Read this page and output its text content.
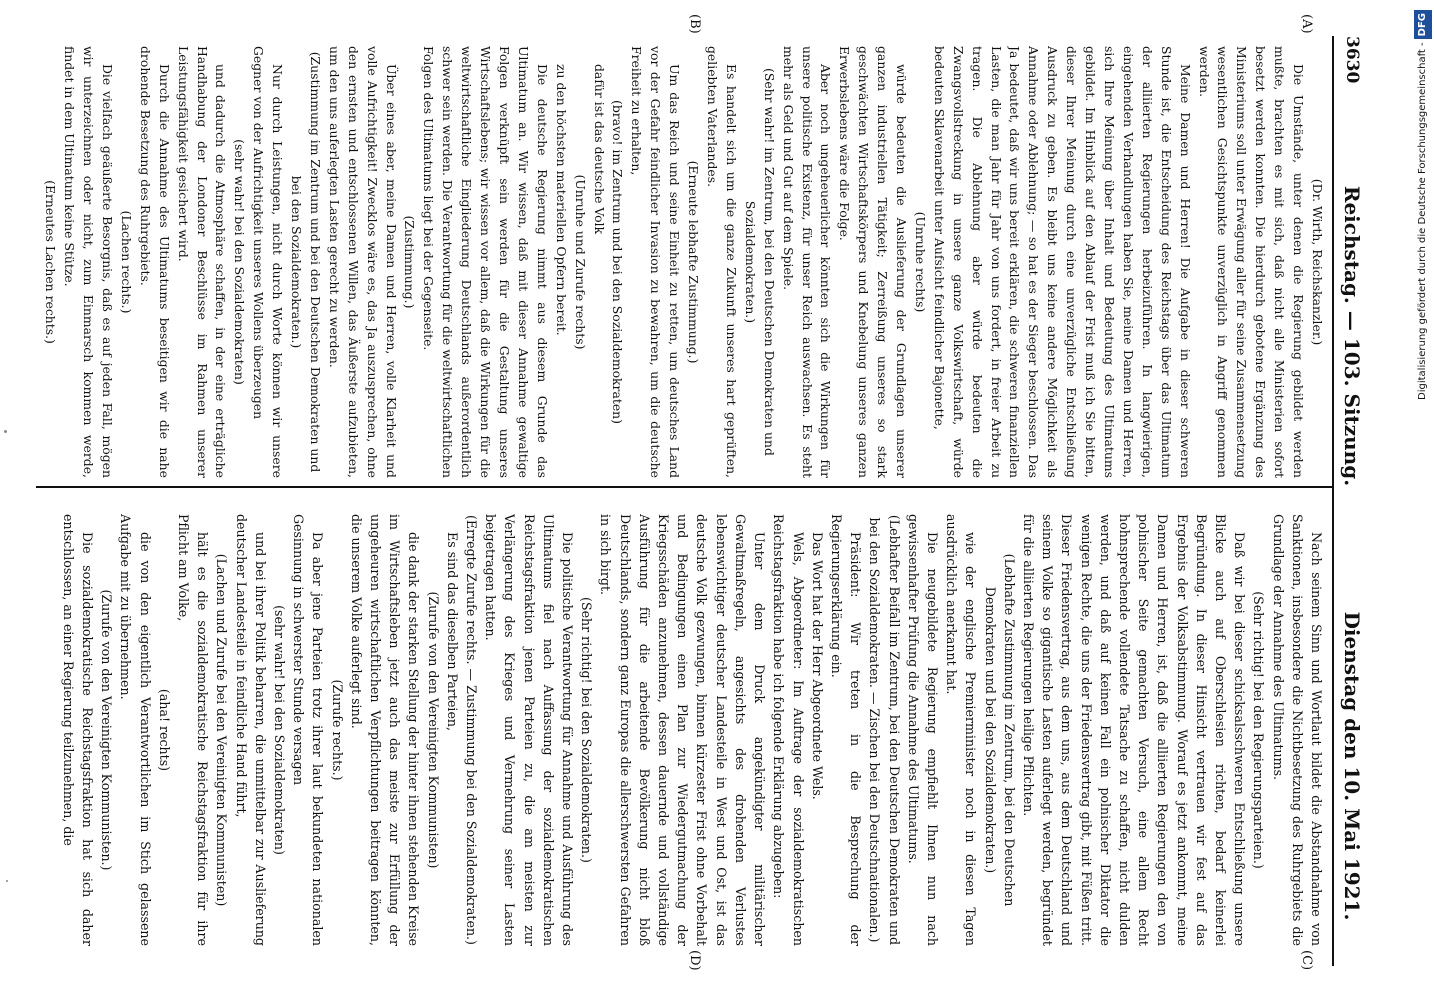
3630
Reichstag. — 103. Sitzung.
Dienstag den 10. Mai 1921.
(A)
(B)
(C)
(D)

(Dr. Wirth, Reichskanzler.)

Die Umstände, unter denen die Regierung gebildet werden mußte, brachten es mit sich, daß nicht alle Ministerien sofort besetzt werden konnten. Die hierdurch gebotene Ergänzung des Ministeriums soll unter Erwägung aller für seine Zusammensetzung wesentlichen Gesichtspunkte unverzüglich in Angriff genommen werden.

Meine Damen und Herren! Die Aufgabe in dieser schweren Stunde ist, die Entscheidung des Reichstags über das Ultimatum der alliierten Regierungen herbeizuführen. In langwierigen, eingehenden Verhandlungen haben Sie, meine Damen und Herren, sich Ihre Meinung über Inhalt und Bedeutung des Ultimatums gebildet. Im Hinblick auf den Ablauf der Frist muß ich Sie bitten, dieser Ihrer Meinung durch eine unverzügliche Entschließung Ausdruck zu geben. Es bleibt uns keine andere Möglichkeit als Annahme oder Ablehnung; — so hat es der Sieger beschlossen. Das Ja bedeutet, daß wir uns bereit erklären, die schweren finanziellen Lasten, die man Jahr für Jahr von uns fordert, in freier Arbeit zu tragen. Die Ablehnung aber würde bedeuten die Zwangsvollstreckung in unsere ganze Volkswirtschaft, würde bedeuten Sklavenarbeit unter Aufsicht feindlicher Bajonette,

(Unruhe rechts)

würde bedeuten die Auslieferung der Grundlagen unserer ganzen industriellen Tätigkeit; Zerreißung unseres so stark geschwächten Wirtschaftskörpers und Knebelung unseres ganzen Erwerbslebens wäre die Folge.

Aber noch ungeheuerlicher könnten sich die Wirkungen für unsere politische Existenz, für unser Reich auswachsen. Es steht mehr als Geld und Gut auf dem Spiele.

(Sehr wahr! im Zentrum, bei den Deutschen Demokraten und Sozialdemokraten.)

Es handelt sich um die ganze Zukunft unseres hart geprüften, geliebten Vaterlandes.

(Erneute lebhafte Zustimmung.)

Um das Reich und seine Einheit zu retten, um deutsches Land vor der Gefahr feindlicher Invasion zu bewahren, um die deutsche Freiheit zu erhalten,

(bravo! im Zentrum und bei den Sozialdemokraten)

dafür ist das deutsche Volk

(Unruhe und Zurufe rechts)

zu den höchsten materiellen Opfern bereit.

Die deutsche Regierung nimmt aus diesem Grunde das Ultimatum an. Wir wissen, daß mit dieser Annahme gewaltige Folgen verknüpft sein werden für die Gestaltung unseres Wirtschaftslebens; wir wissen vor allem, daß die Wirkungen für die weltwirtschaftliche Eingliederung Deutschlands außerordentlich schwer sein werden. Die Verantwortung für die weltwirtschaftlichen Folgen des Ultimatums liegt bei der Gegenseite.

(Zustimmung.)

Über eines aber, meine Damen und Herren, volle Klarheit und volle Aufrichtigkeit! Zwecklos wäre es, das Ja auszusprechen, ohne den ernsten und entschlossenen Willen, das Äußerste aufzubieten, um den uns auferlegten Lasten gerecht zu werden.

(Zustimmung im Zentrum und bei den Deutschen Demokraten und bei den Sozialdemokraten.)

Nur durch Leistungen, nicht durch Worte können wir unsere Gegner von der Aufrichtigkeit unseres Wollens überzeugen

(sehr wahr! bei den Sozialdemokraten)

und dadurch die Atmosphäre schaffen, in der eine erträgliche Handhabung der Londoner Beschlüsse im Rahmen unserer Leistungsfähigkeit gesichert wird.

Durch die Annahme des Ultimatums beseitigen wir die nahe drohende Besetzung des Ruhrgebiets.

(Lachen rechts.)

Die vielfach geäußerte Besorgnis, daß es auf jeden Fall, mögen wir unterzeichnen oder nicht, zum Einmarsch kommen werde, findet in dem Ultimatum keine Stütze.

(Erneutes Lachen rechts.)

Nach seinem Sinn und Wortlaut bildet die Abstandnahme von Sanktionen, insbesondere die Nichtbesetzung des Ruhrgebiets die Grundlage der Annahme des Ultimatums.

(Sehr richtig! bei den Regierungsparteien.)

Daß wir bei dieser schicksalsschweren Entschließung unsere Blicke auch auf Oberschlesien richten, bedarf keinerlei Begründung. In dieser Hinsicht vertrauen wir fest auf das Ergebnis der Volksabstimmung. Worauf es jetzt ankommt, meine Damen und Herren, ist, daß die alliierten Regierungen den von polnischer Seite gemachten Versuch, eine allem Recht hohnsprechende vollendete Tatsache zu schaffen, nicht dulden werden, und daß auf keinen Fall ein polnischer Diktator die wenigen Rechte, die uns der Friedensvertrag gibt, mit Füßen tritt. Dieser Friedensvertrag, aus dem uns, aus dem Deutschland und seinem Volke so gigantische Lasten auferlegt werden, begründet für die alliierten Regierungen heilige Pflichten.

(Lebhafte Zustimmung im Zentrum, bei den Deutschen Demokraten und bei den Sozialdemokraten.)

wie der englische Premierminister noch in diesen Tagen ausdrücklich anerkannt hat.

Die neugebildete Regierung empfiehlt Ihnen nun nach gewissenhafter Prüfung die Annahme des Ultimatums.

(Lebhafter Beifall im Zentrum, bei den Deutschen Demokraten und bei den Sozialdemokraten. — Zischen bei den Deutschnationalen.)

Präsident: Wir treten in die Besprechung der Regierungserklärung ein.

Das Wort hat der Herr Abgeordnete Wels.

Wels, Abgeordneter: Im Auftrage der sozialdemokratischen Reichstagsfraktion habe ich folgende Erklärung abzugeben:

Unter dem Druck angekündigter militärischer Gewaltmaßregeln, angesichts des drohenden Verlustes lebenswichtiger deutscher Landesteile in West und Ost, ist das deutsche Volk gezwungen, binnen kürzester Frist ohne Vorbehalt und Bedingungen einen Plan zur Wiedergutmachung der Kriegsschäden anzunehmen, dessen dauernde und vollständige Ausführung für die arbeitende Bevölkerung nicht bloß Deutschlands, sondern ganz Europas die allerschwersten Gefahren in sich birgt.

(Sehr richtig! bei den Sozialdemokraten.)

Die politische Verantwortung für Annahme und Ausführung des Ultimatums fiel nach Auffassung der sozialdemokratischen Reichstagsfraktion jenen Parteien zu, die am meisten zur Verlängerung des Krieges und Vermehrung seiner Lasten beigetragen hatten.

(Erregte Zurufe rechts. — Zustimmung bei den Sozialdemokraten.)

Es sind das dieselben Parteien,

(Zurufe von den Vereinigten Kommunisten)

die dank der starken Stellung der hinter ihnen stehenden Kreise im Wirtschaftsleben jetzt auch das meiste zur Erfüllung der ungeheuren wirtschaftlichen Verpflichtungen beitragen könnten, die unserem Volke auferlegt sind.

(Zurufe rechts.)

Da aber jene Parteien trotz ihrer laut bekundeten nationalen Gesinnung in schwerster Stunde versagen

(sehr wahr! bei den Sozialdemokraten)

und bei ihrer Politik beharren, die unmittelbar zur Auslieferung deutscher Landesteile in feindliche Hand führt,

(Lachen und Zurufe bei den Vereinigten Kommunisten)

hält es die sozialdemokratische Reichstagsfraktion für ihre Pflicht am Volke,

(aha! rechts)

die von den eigentlich Verantwortlichen im Stich gelassene Aufgabe mit zu übernehmen.

(Zurufe von den Vereinigten Kommunisten.)

Die sozialdemokratische Reichstagsfraktion hat sich daher entschlossen, an einer Regierung teilzunehmen, die

Digitalisierung gefördert durch die Deutsche Forschungsgemeinschaft -DFG
